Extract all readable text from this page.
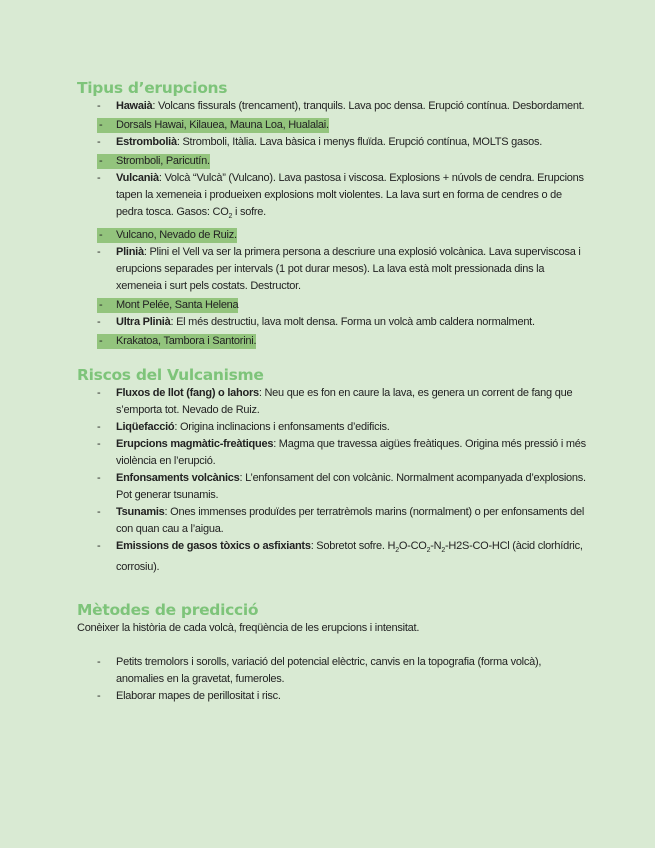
Tipus d’erupcions
- Hawaià: Volcans fissurals (trencament), tranquils. Lava poc densa. Erupció contínua. Desbordament.
- Dorsals Hawai, Kilauea, Mauna Loa, Hualalai.
- Estrombolià: Stromboli, Itàlia. Lava bàsica i menys fluïda. Erupció contínua, MOLTS gasos.
- Stromboli, Paricutín.
- Vulcanià: Volcà “Vulcà” (Vulcano). Lava pastosa i viscosa. Explosions + núvols de cendra. Erupcions tapen la xemeneia i produeixen explosions molt violentes. La lava surt en forma de cendres o de pedra tosca. Gasos: $CO_2$ i sofre.
- Vulcano, Nevado de Ruiz.
- Plinià: Plini el Vell va ser la primera persona a descriure una explosió volcànica. Lava superviscosa i erupcions separades per intervals (1 pot durar mesos). La lava està molt pressionada dins la xemeneia i surt pels costats. Destructor.
- Mont Pelée, Santa Helena
- Ultra Plinià: El més destructiu, lava molt densa. Forma un volcà amb caldera normalment.
- Krakatoa, Tambora i Santorini.
Riscos del Vulcanisme
- Fluxos de llot (fang) o lahors: Neu que es fon en caure la lava, es genera un corrent de fang que s’emporta tot. Nevado de Ruiz.
- Liqüefacció: Origina inclinacions i enfonsaments d’edificis.
- Erupcions magmàtic-freàtiques: Magma que travessa aigües freàtiques. Origina més pressió i més violència en l’erupció.
- Enfonsaments volcànics: L’enfonsament del con volcànic. Normalment acompanyada d’explosions. Pot generar tsunamis.
- Tsunamis: Ones immenses produïdes per terratrèmols marins (normalment) o per enfonsaments del con quan cau a l’aigua.
- Emissions de gasos tòxics o asfixiants: Sobretot sofre. $H_2O-CO_2-N_2-H2S-CO$-HCl (àcid clorhídric, corrosiu).
Mètodes de predicció

Conèixer la història de cada volcà, freqüència de les erupcions i intensitat.

- Petits tremolors i sorolls, variació del potencial elèctric, canvis en la topografia (forma volcà), anomalies en la gravetat, fumeroles.
- Elaborar mapes de perillositat i risc.
